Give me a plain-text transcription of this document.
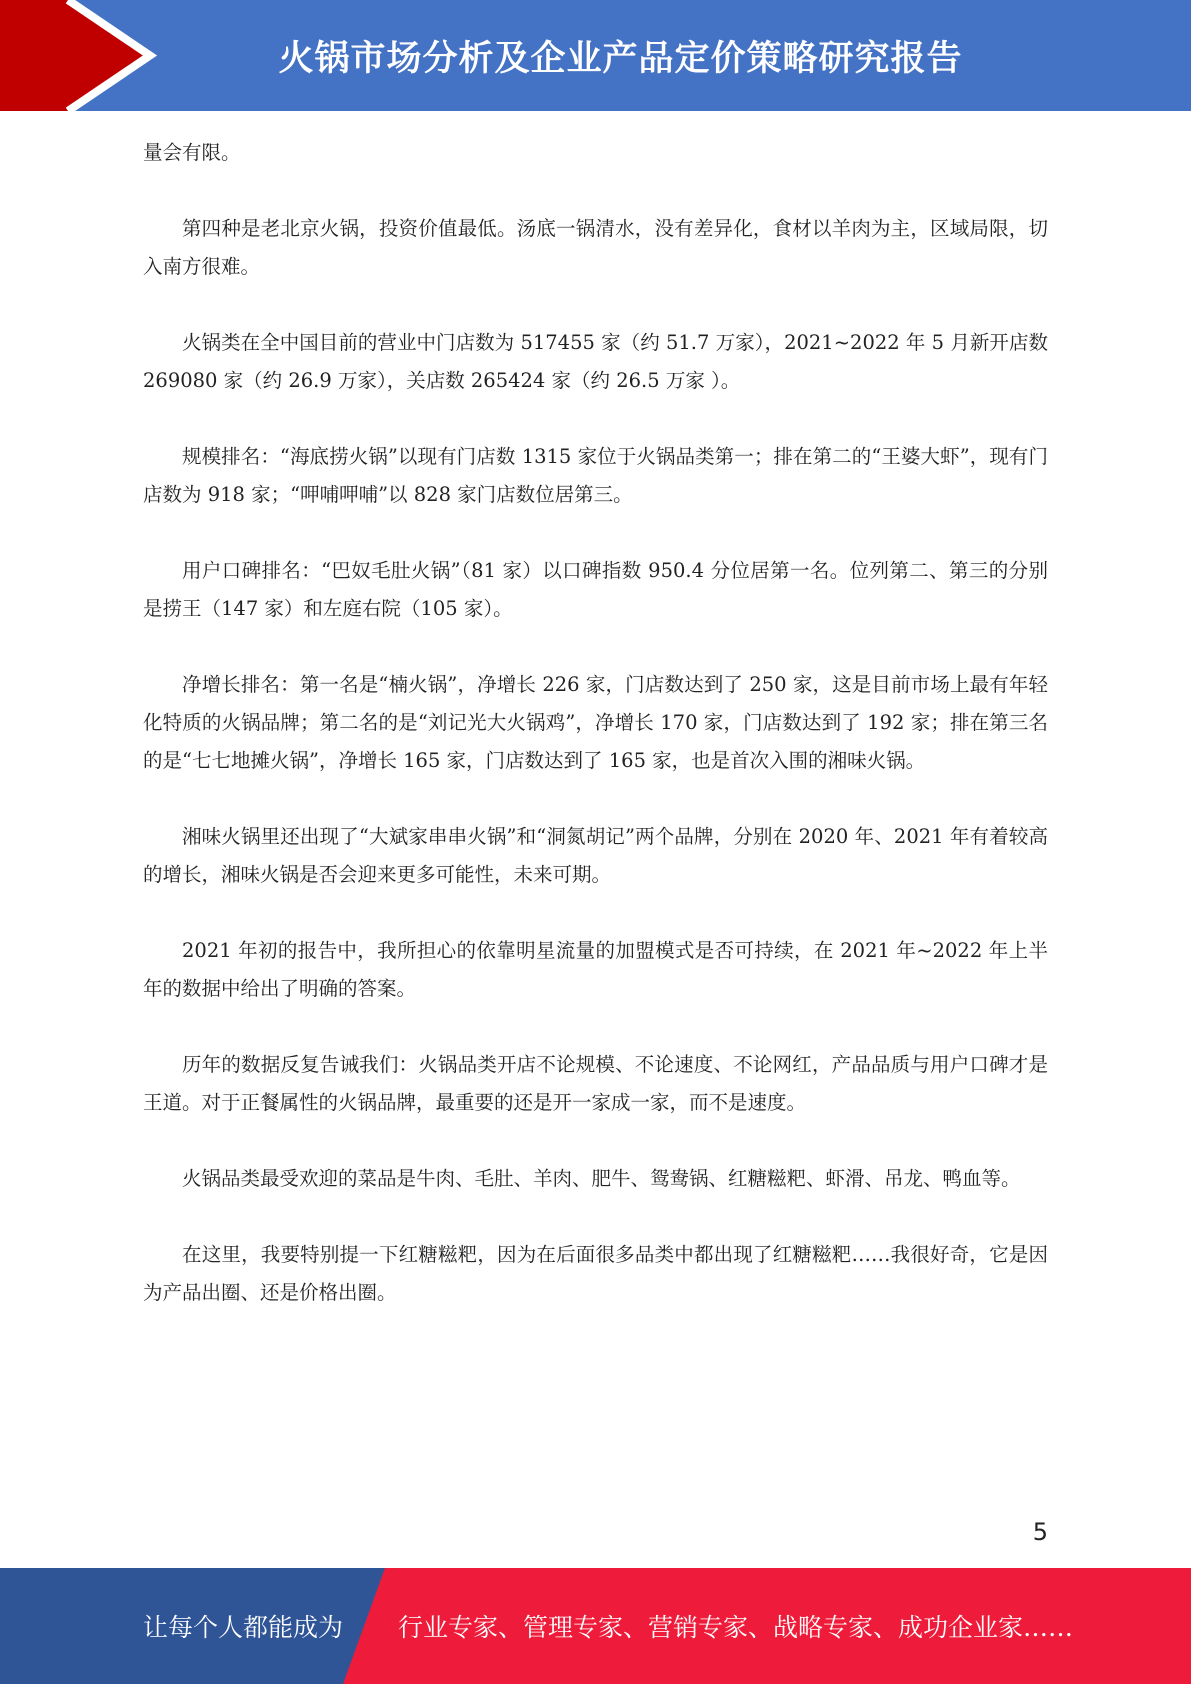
火锅市场分析及企业产品定价策略研究报告

量会有限。

第四种是老北京火锅，投资价值最低。汤底一锅清水，没有差异化，食材以羊肉为主，区域局限，切入南方很难。

火锅类在全中国目前的营业中门店数为 517455 家（约 51.7 万家），2021~2022 年 5 月新开店数 269080 家（约 26.9 万家），关店数 265424 家（约 26.5 万家 ）。

规模排名：“海底捞火锅”以现有门店数 1315 家位于火锅品类第一；排在第二的“王婆大虾”，现有门店数为 918 家；“呷哺呷哺”以 828 家门店数位居第三。

用户口碑排名：“巴奴毛肚火锅”（81 家）以口碑指数 950.4 分位居第一名。位列第二、第三的分别是捞王（147 家）和左庭右院（105 家）。

净增长排名：第一名是“楠火锅”，净增长 226 家，门店数达到了 250 家，这是目前市场上最有年轻化特质的火锅品牌；第二名的是“刘记光大火锅鸡”，净增长 170 家，门店数达到了 192 家；排在第三名的是“七七地摊火锅”，净增长 165 家，门店数达到了 165 家，也是首次入围的湘味火锅。

湘味火锅里还出现了“大斌家串串火锅”和“洞氮胡记”两个品牌，分别在 2020 年、2021 年有着较高的增长，湘味火锅是否会迎来更多可能性，未来可期。

2021 年初的报告中，我所担心的依靠明星流量的加盟模式是否可持续，在 2021 年~2022 年上半年的数据中给出了明确的答案。

历年的数据反复告诫我们：火锅品类开店不论规模、不论速度、不论网红，产品品质与用户口碑才是王道。对于正餐属性的火锅品牌，最重要的还是开一家成一家，而不是速度。

火锅品类最受欢迎的菜品是牛肉、毛肚、羊肉、肥牛、鸳鸯锅、红糖糍粑、虾滑、吊龙、鸭血等。

在这里，我要特别提一下红糖糍粑，因为在后面很多品类中都出现了红糖糍粑……我很好奇，它是因为产品出圈、还是价格出圈。

5
让每个人都能成为 行业专家、管理专家、营销专家、战略专家、成功企业家……
